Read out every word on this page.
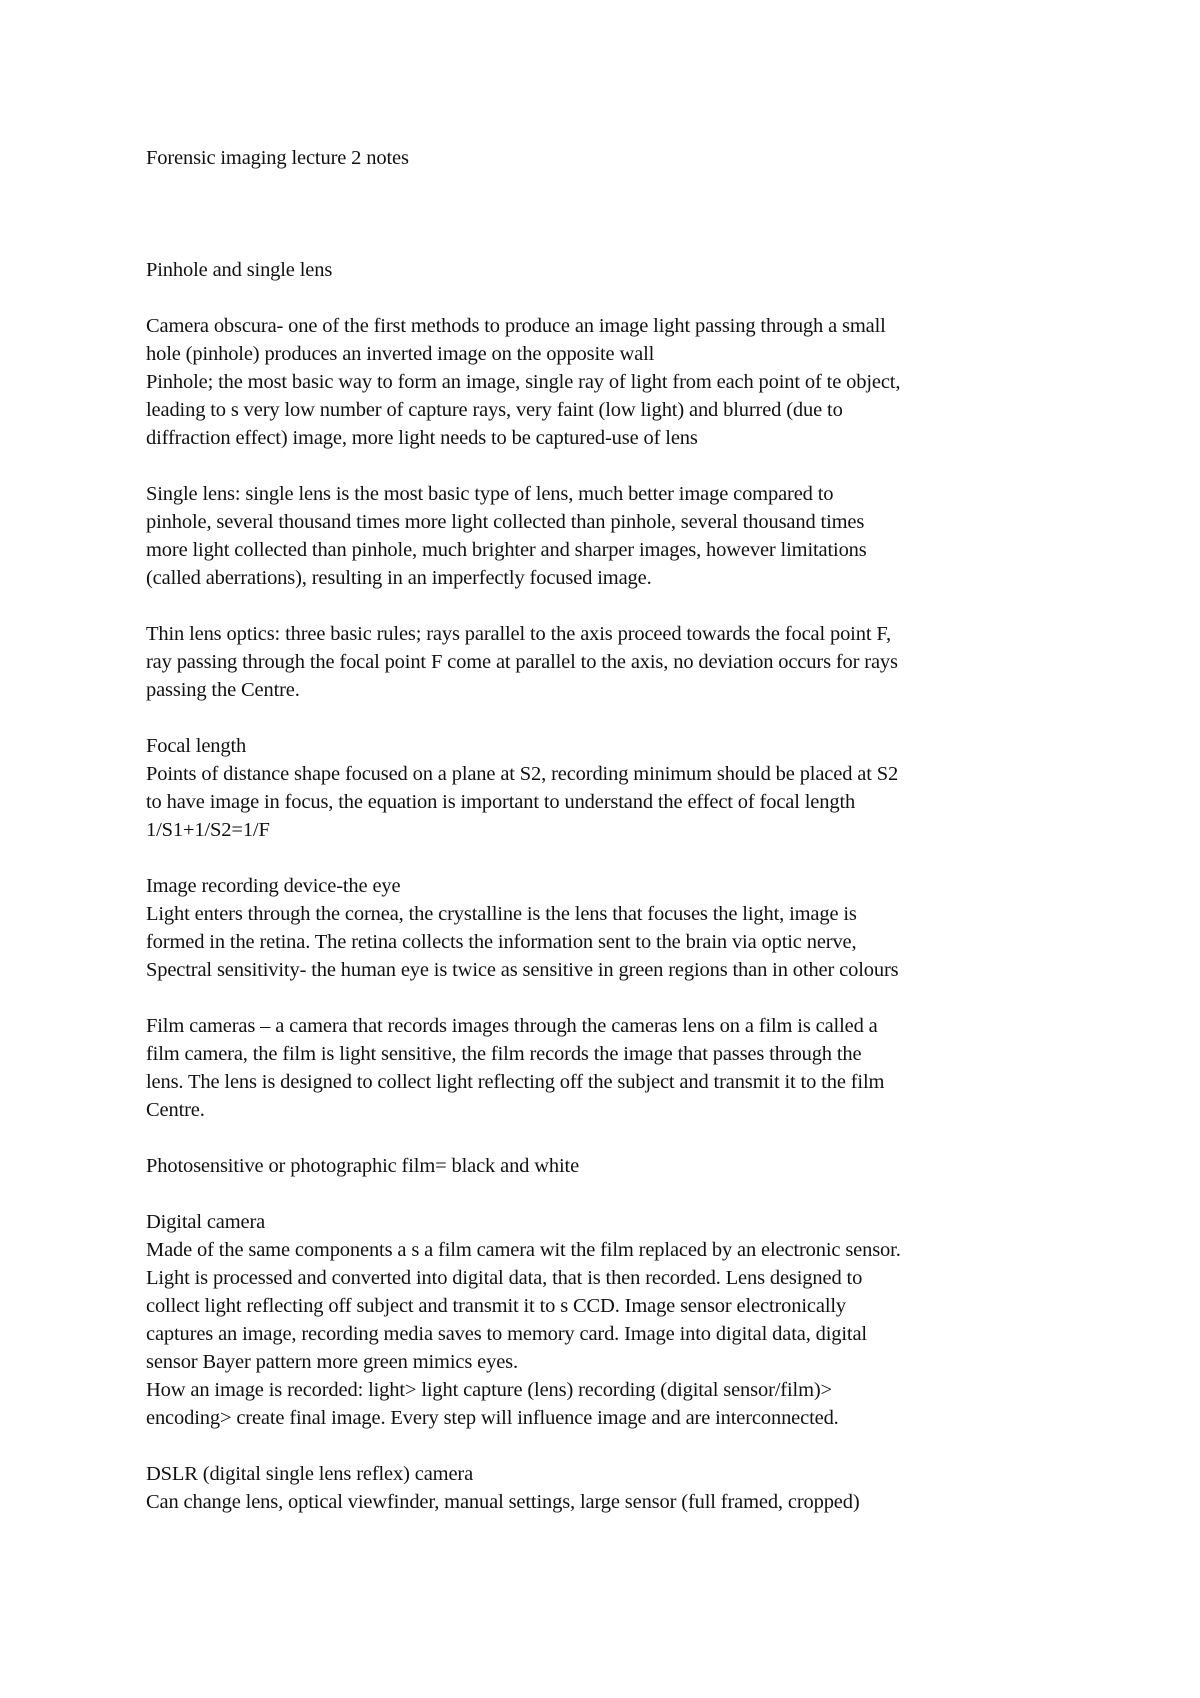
Forensic imaging lecture 2 notes
Pinhole and single lens
Camera obscura- one of the first methods to produce an image light passing through a small
hole (pinhole) produces an inverted image on the opposite wall
Pinhole; the most basic way to form an image, single ray of light from each point of te object,
leading to s very low number of capture rays, very faint (low light) and blurred (due to
diffraction effect) image, more light needs to be captured-use of lens
Single lens: single lens is the most basic type of lens, much better image compared to
pinhole, several thousand times more light collected than pinhole, several thousand times
more light collected than pinhole, much brighter and sharper images, however limitations
(called aberrations), resulting in an imperfectly focused image.
Thin lens optics: three basic rules; rays parallel to the axis proceed towards the focal point F,
ray passing through the focal point F come at parallel to the axis, no deviation occurs for rays
passing the Centre.
Focal length
Points of distance shape focused on a plane at S2, recording minimum should be placed at S2
to have image in focus, the equation is important to understand the effect of focal length
1/S1+1/S2=1/F
Image recording device-the eye
Light enters through the cornea, the crystalline is the lens that focuses the light, image is
formed in the retina. The retina collects the information sent to the brain via optic nerve,
Spectral sensitivity- the human eye is twice as sensitive in green regions than in other colours
Film cameras – a camera that records images through the cameras lens on a film is called a
film camera, the film is light sensitive, the film records the image that passes through the
lens. The lens is designed to collect light reflecting off the subject and transmit it to the film
Centre.
Photosensitive or photographic film= black and white
Digital camera
Made of the same components a s a film camera wit the film replaced by an electronic sensor.
Light is processed and converted into digital data, that is then recorded. Lens designed to
collect light reflecting off subject and transmit it to s CCD. Image sensor electronically
captures an image, recording media saves to memory card. Image into digital data, digital
sensor Bayer pattern more green mimics eyes.
How an image is recorded: light> light capture (lens) recording (digital sensor/film)>
encoding> create final image. Every step will influence image and are interconnected.
DSLR (digital single lens reflex) camera
Can change lens, optical viewfinder, manual settings, large sensor (full framed, cropped)
